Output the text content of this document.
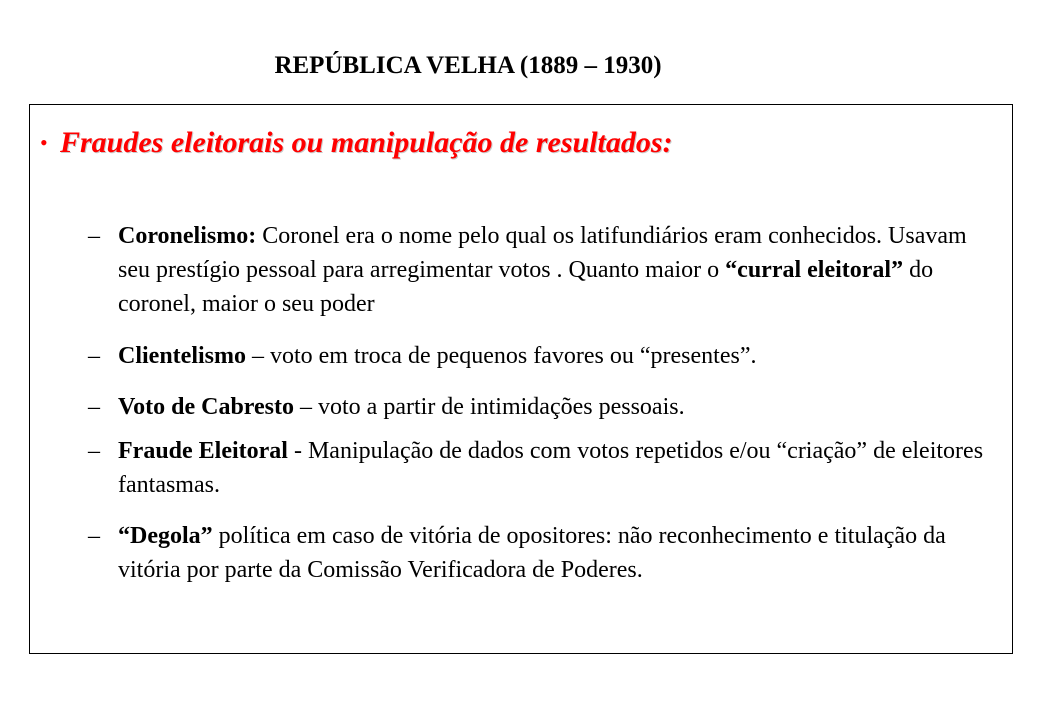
REPÚBLICA VELHA (1889 – 1930)
• Fraudes eleitorais ou manipulação de resultados:
– Coronelismo: Coronel era o nome pelo qual os latifundiários eram conhecidos. Usavam seu prestígio pessoal para arregimentar votos . Quanto maior o “curral eleitoral” do coronel, maior o seu poder
– Clientelismo – voto em troca de pequenos favores ou “presentes”.
– Voto de Cabresto – voto a partir de intimidações pessoais.
– Fraude Eleitoral - Manipulação de dados com votos repetidos e/ou “criação” de eleitores fantasmas.
– “Degola” política em caso de vitória de opositores: não reconhecimento e titulação da vitória por parte da Comissão Verificadora de Poderes.
